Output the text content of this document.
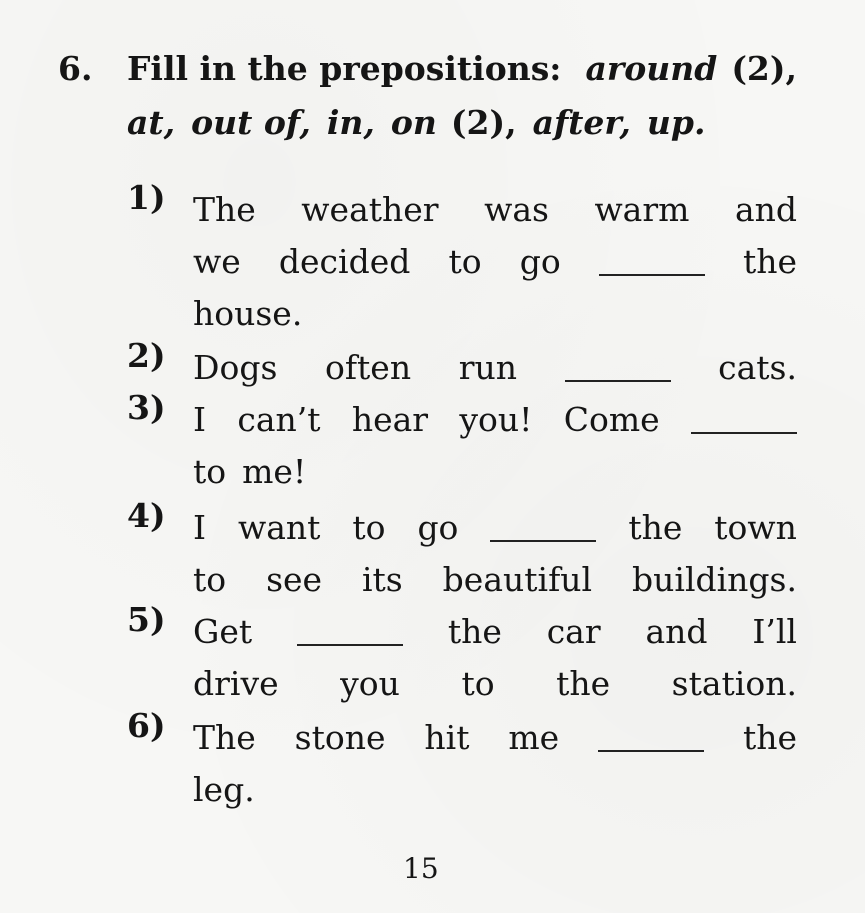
6. Fill in the prepositions: around (2),
at, out of, in, on (2), after, up.
1) The weather was warm and
we decided to go	the
house.
2) Dogs often run	cats.
3) I can’t hear you! Come
to me!
4) I want to go	the town
to see its beautiful buildings.
5) Get	the car and I’ll
drive you to the station.
6) The stone hit me	the
leg.
15
